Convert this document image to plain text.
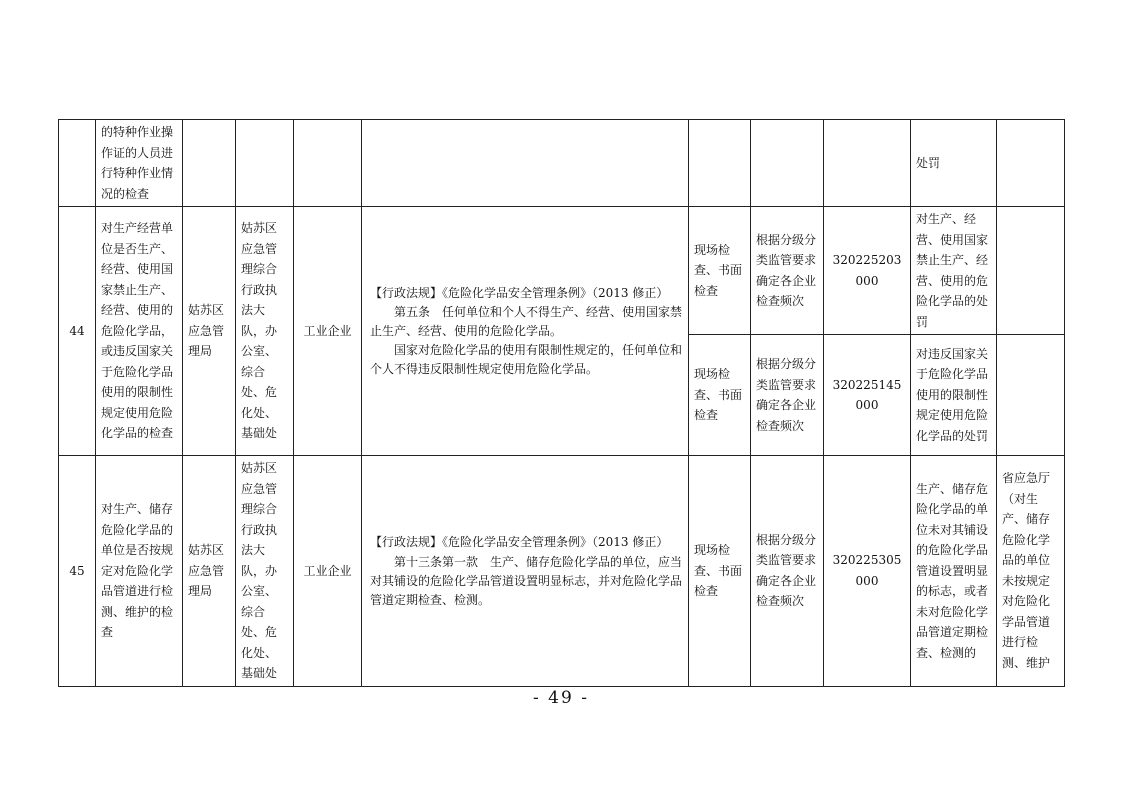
	的特种作业操作证的人员进行特种作业情况的检查								处罚	
44	对生产经营单位是否生产、经营、使用国家禁止生产、经营、使用的危险化学品，或违反国家关于危险化学品使用的限制性规定使用危险化学品的检查	姑苏区应急管理局	姑苏区应急管理综合行政执法大队，办公室、综合处、危化处、基础处	工业企业	【行政法规】《危险化学品安全管理条例》（2013 修正）
第五条　任何单位和个人不得生产、经营、使用国家禁止生产、经营、使用的危险化学品。
国家对危险化学品的使用有限制性规定的，任何单位和个人不得违反限制性规定使用危险化学品。	现场检查、书面检查	根据分级分类监管要求确定各企业检查频次	320225203000	对生产、经营、使用国家禁止生产、经营、使用的危险化学品的处罚	
						现场检查、书面检查	根据分级分类监管要求确定各企业检查频次	320225145000	对违反国家关于危险化学品使用的限制性规定使用危险化学品的处罚	
45	对生产、储存危险化学品的单位是否按规定对危险化学品管道进行检测、维护的检查	姑苏区应急管理局	姑苏区应急管理综合行政执法大队，办公室、综合处、危化处、基础处	工业企业	【行政法规】《危险化学品安全管理条例》（2013 修正）
第十三条第一款　生产、储存危险化学品的单位，应当对其铺设的危险化学品管道设置明显标志，并对危险化学品管道定期检查、检测。	现场检查、书面检查	根据分级分类监管要求确定各企业检查频次	320225305000	生产、储存危险化学品的单位未对其铺设的危险化学品管道设置明显的标志，或者未对危险化学品管道定期检查、检测的	省应急厅（对生产、储存危险化学品的单位未按规定对危险化学品管道进行检测、维护
- 49 -
